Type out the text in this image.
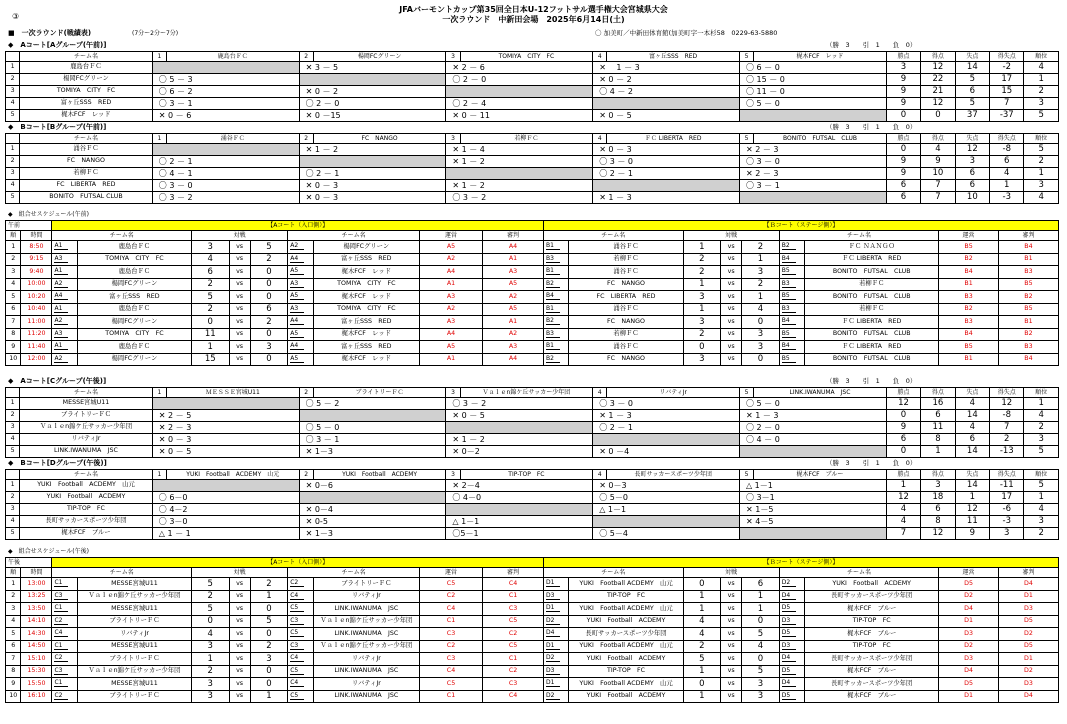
③
JFAバーモントカップ第35回全日本U-12フットサル選手権大会宮城県大会
一次ラウンド　中新田会場　2025年6月14日(土)
■　一次ラウンド(戦績表)	(7分ー2分ー7分)	〇 加美町／中新田体育館(加美町字一本杉58　0229-63-5880
◆　Aコート[Aグループ(午前)]	（勝　3　　引　1　　負　0）
	チーム名	1	鹿島台ＦＣ	2	楊岡FCグリーン	3	TOMIYA　CITY　FC	4	富ヶ丘SSS　RED	5	梶木FCF　レッド	勝点	得点	失点	得失点	順位
1	鹿島台ＦＣ			✕ 3 － 5		✕ 2 － 6		✕ 　1 － 3		〇 6 － 0		3	12	14	-2	4
2	楊岡FCグリーン	〇 5 － 3				〇 2 － 0		✕ 0 － 2		〇 15 － 0		9	22	5	17	1
3	TOMIYA　CITY　FC	〇 6 － 2		✕ 0 － 2				〇 4 － 2		〇 11 － 0		9	21	6	15	2
4	富ヶ丘SSS　RED	〇 3 － 1		〇 2 － 0		〇 2 － 4				〇 5 － 0		9	12	5	7	3
5	梶木FCF　レッド	✕ 0 － 6		✕ 0 －15		✕ 0 － 11		✕ 0 － 5				0	0	37	-37	5
◆　Bコート[Bグループ(午前)]	（勝　3　　引　1　　負　0）
	チーム名	1	涌谷ＦＣ	2	FC　NANGO	3	若柳ＦＣ	4	ＦＣ LIBERTA　RED	5	BONITO　FUTSAL　CLUB	勝点	得点	失点	得失点	順位
1	涌谷ＦＣ			✕ 1 － 2		✕ 1 － 4		✕ 0 － 3		✕ 2 － 3		0	4	12	-8	5
2	FC　NANGO	〇 2 － 1				✕ 1 － 2		〇 3 － 0		〇 3 － 0		9	9	3	6	2
3	若柳ＦＣ	〇 4 － 1		〇 2 － 1				〇 2 － 1		✕ 2 － 3		9	10	6	4	1
4	FC　LIBERTA　RED	〇 3 － 0		✕ 0 － 3		✕ 1 － 2				〇 3 － 1		6	7	6	1	3
5	BONITO　FUTSAL CLUB	〇 3 － 2		✕ 0 － 3		〇 3 － 2		✕ 1 － 3				6	7	10	-3	4
◆　Aコート[Cグループ(午後)]	（勝　3　　引　1　　負　0）
	チーム名	1	ＭＥＳＳＥ宮城U11	2	ブライトリーＦＣ	3	Ｖａｌｅn錦ケ丘サッカー少年団	4	リバティJr	5	LINK.IWANUMA　JSC	勝点	得点	失点	得失点	順位
1	MESSE宮城U11			〇 5 － 2		〇 3 － 2		〇 3 － 0		〇 5 － 0		12	16	4	12	1
2	ブライトリーＦＣ	✕ 2 － 5				✕ 0 － 5		✕ 1 － 3		✕ 1 － 3		0	6	14	-8	4
3	Ｖａｌｅn錦ケ丘サッカー少年団	✕ 2 － 3		〇 5 － 0				〇 2 － 1		〇 2 － 0		9	11	4	7	2
4	リバティJr	✕ 0 － 3		〇 3 － 1		✕ 1 － 2				〇 4 － 0		6	8	6	2	3
5	LINK.IWANUMA　JSC	✕ 0 － 5		✕ 1－3		✕ 0－2		✕ 0 －4				0	1	14	-13	5
◆　Bコート[Dグループ(午後)]	（勝　3　　引　1　　負　0）
	チーム名	1	YUKI　Football　ACDEMY　山元	2	YUKI　Football　ACDEMY	3	TIP-TOP　FC	4	長町サッカースポーツ少年団	5	梶木FCF　ブルー	勝点	得点	失点	得失点	順位
1	YUKI　Football　ACDEMY　山元			✕ 0－6		✕ 2－4		✕ 0－3		△ 1－1		1	3	14	-11	5
2	YUKI　Football　ACDEMY	〇 6－0				〇 4－0		〇 5－0		〇 3－1		12	18	1	17	1
3	TIP-TOP　FC	〇 4－2		✕ 0－4				△ 1－1		✕ 1－5		4	6	12	-6	4
4	長町サッカースポーツ少年団	〇 3－0		✕ 0-5		△ 1－1				✕ 4－5		4	8	11	-3	3
5	梶木FCF　ブルー	△ 1 － 1		✕ 1－3		〇5－1		〇 5－4				7	12	9	3	2
◆　組合せスケジュール(午前)
午前		【Aコート（入口側）】									【Ｂコート（ステージ側）】								
順	時間	チーム名		対戦			チーム名		運営	審判	チーム名		対戦			チーム名		運営	審判
1	8:50	A1	鹿島台ＦＣ	3	vs	5	A2	楊岡FCグリーン	A5	A4	B1	涌谷ＦＣ	1	vs	2	B2	ＦＣ ＮＡＮＧＯ	B5	B4
2	9:15	A3	TOMIYA　CITY　FC	4	vs	2	A4	富ヶ丘SSS　RED	A2	A1	B3	若柳ＦＣ	2	vs	1	B4	ＦＣ LIBERTA　RED	B2	B1
3	9:40	A1	鹿島台ＦＣ	6	vs	0	A5	梶木FCF　レッド	A4	A3	B1	涌谷ＦＣ	2	vs	3	B5	BONITO　FUTSAL　CLUB	B4	B3
4	10:00	A2	楊岡FCグリーン	2	vs	0	A3	TOMIYA　CITY　FC	A1	A5	B2	FC　NANGO	1	vs	2	B3	若柳ＦＣ	B1	B5
5	10:20	A4	富ヶ丘SSS　RED	5	vs	0	A5	梶木FCF　レッド	A3	A2	B4	FC　LIBERTA　RED	3	vs	1	B5	BONITO　FUTSAL　CLUB	B3	B2
6	10:40	A1	鹿島台ＦＣ	2	vs	6	A3	TOMIYA　CITY　FC	A2	A5	B1	涌谷ＦＣ	1	vs	4	B3	若柳ＦＣ	B2	B5
7	11:00	A2	楊岡FCグリーン	0	vs	2	A4	富ヶ丘SSS　RED	A3	A1	B2	FC　NANGO	3	vs	0	B4	ＦＣ LIBERTA　RED	B3	B1
8	11:20	A3	TOMIYA　CITY　FC	11	vs	0	A5	梶木FCF　レッド	A4	A2	B3	若柳ＦＣ	2	vs	3	B5	BONITO　FUTSAL　CLUB	B4	B2
9	11:40	A1	鹿島台ＦＣ	1	vs	3	A4	富ヶ丘SSS　RED	A5	A3	B1	涌谷ＦＣ	0	vs	3	B4	ＦＣ LIBERTA　RED	B5	B3
10	12:00	A2	楊岡FCグリーン	15	vs	0	A5	梶木FCF　レッド	A1	A4	B2	FC　NANGO	3	vs	0	B5	BONITO　FUTSAL　CLUB	B1	B4
◆　組合せスケジュール(午後)
午後		【Aコート（入口側）】									【Ｂコート（ステージ側）】								
順	時間	チーム名		対戦			チーム名		運営	審判	チーム名		対戦			チーム名		運営	審判
1	13:00	C1	MESSE宮城U11	5	vs	2	C2	ブライトリーＦＣ	C5	C4	D1	YUKI　Football ACDEMY　山元	0	vs	6	D2	YUKI　Football　ACDEMY	D5	D4
2	13:25	C3	Ｖａｌｅn錦ケ丘サッカー少年団	2	vs	1	C4	リバティJr	C2	C1	D3	TIP-TOP　FC	1	vs	1	D4	長町サッカースポーツ少年団	D2	D1
3	13:50	C1	MESSE宮城U11	5	vs	0	C5	LINK.IWANUMA　JSC	C4	C3	D1	YUKI　Football ACDEMY　山元	1	vs	1	D5	梶木FCF　ブルー	D4	D3
4	14:10	C2	ブライトリーＦＣ	0	vs	5	C3	Ｖａｌｅn錦ケ丘サッカー少年団	C1	C5	D2	YUKI　Football　ACDEMY	4	vs	0	D3	TIP-TOP　FC	D1	D5
5	14:30	C4	リバティJr	4	vs	0	C5	LINK.IWANUMA　JSC	C3	C2	D4	長町サッカースポーツ少年団	4	vs	5	D5	梶木FCF　ブルー	D3	D2
6	14:50	C1	MESSE宮城U11	3	vs	2	C3	Ｖａｌｅn錦ケ丘サッカー少年団	C2	C5	D1	YUKI　Football ACDEMY　山元	2	vs	4	D3	TIP-TOP　FC	D2	D5
7	15:10	C2	ブライトリーＦＣ	1	vs	3	C4	リバティJr	C3	C1	D2	YUKI　Football　ACDEMY	5	vs	0	D4	長町サッカースポーツ少年団	D3	D1
8	15:30	C3	Ｖａｌｅn錦ケ丘サッカー少年団	2	vs	0	C5	LINK.IWANUMA　JSC	C4	C2	D3	TIP-TOP　FC	1	vs	5	D5	梶木FCF　ブルー	D4	D2
9	15:50	C1	MESSE宮城U11	3	vs	0	C4	リバティJr	C5	C3	D1	YUKI　Football ACDEMY　山元	0	vs	3	D4	長町サッカースポーツ少年団	D5	D3
10	16:10	C2	ブライトリーＦＣ	3	vs	1	C5	LINK.IWANUMA　JSC	C1	C4	D2	YUKI　Football　ACDEMY	1	vs	3	D5	梶木FCF　ブルー	D1	D4
